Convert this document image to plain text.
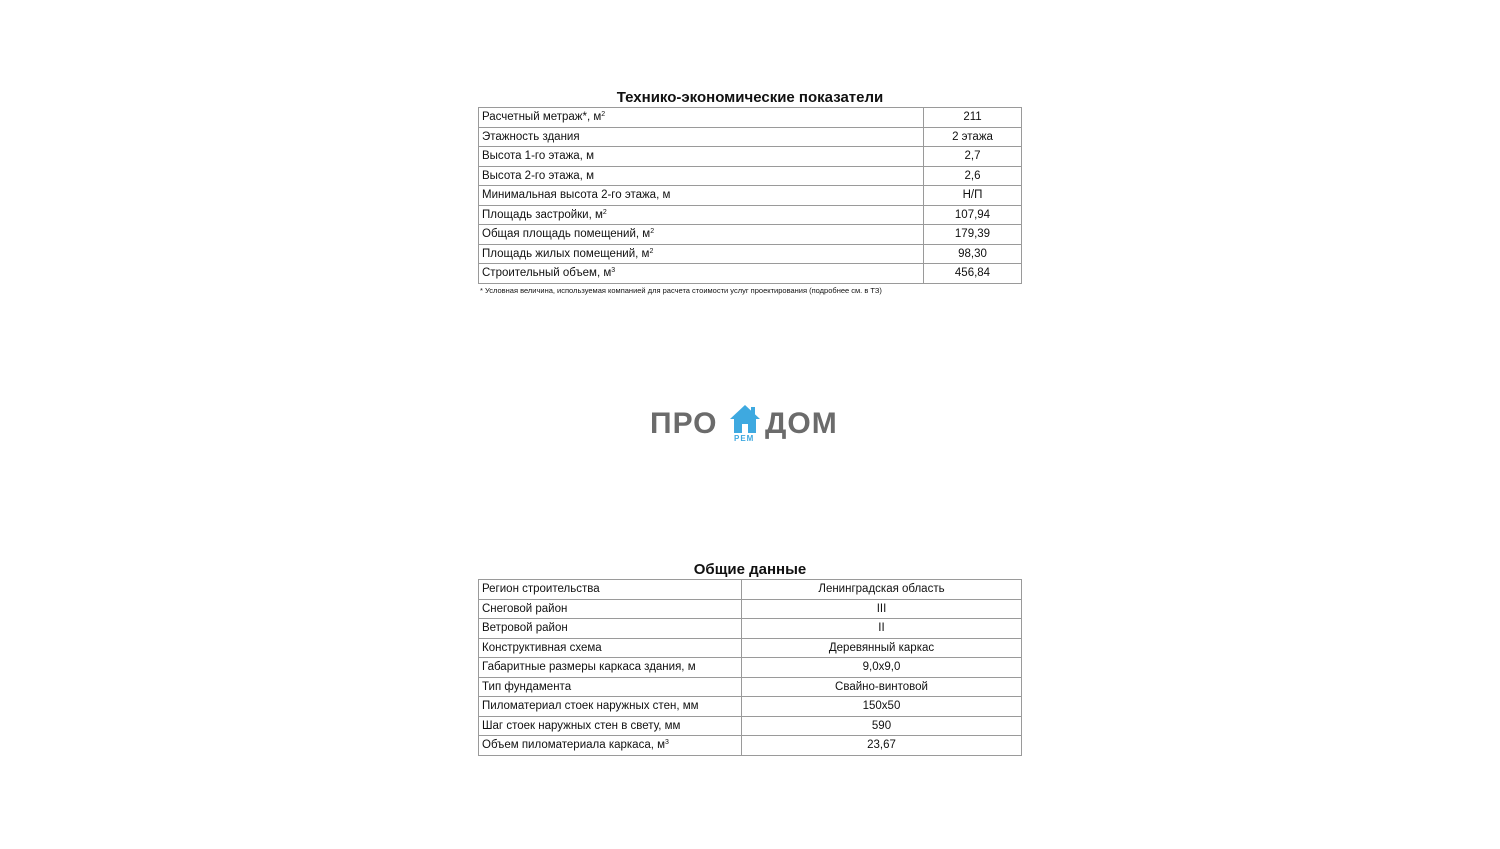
Технико-экономические показатели
Расчетный метраж*, $м^2$	211
Этажность здания	2 этажа
Высота 1-го этажа, м	2,7
Высота 2-го этажа, м	2,6
Минимальная высота 2-го этажа, м	Н/П
Площадь застройки, $м^2$	107,94
Общая площадь помещений, $м^2$	179,39
Площадь жилых помещений, $м^2$	98,30
Строительный объем, $м^3$	456,84
* Условная величина, используемая компанией для расчета стоимости услуг проектирования (подробнее см. в ТЗ)
ПРО РЕМ ДОМ
Общие данные
Регион строительства	Ленинградская область
Снеговой район	III
Ветровой район	II
Конструктивная схема	Деревянный каркас
Габаритные размеры каркаса здания, м	9,0x9,0
Тип фундамента	Свайно-винтовой
Пиломатериал стоек наружных стен, мм	150x50
Шаг стоек наружных стен в свету, мм	590
Объем пиломатериала каркаса, $м^3$	23,67
